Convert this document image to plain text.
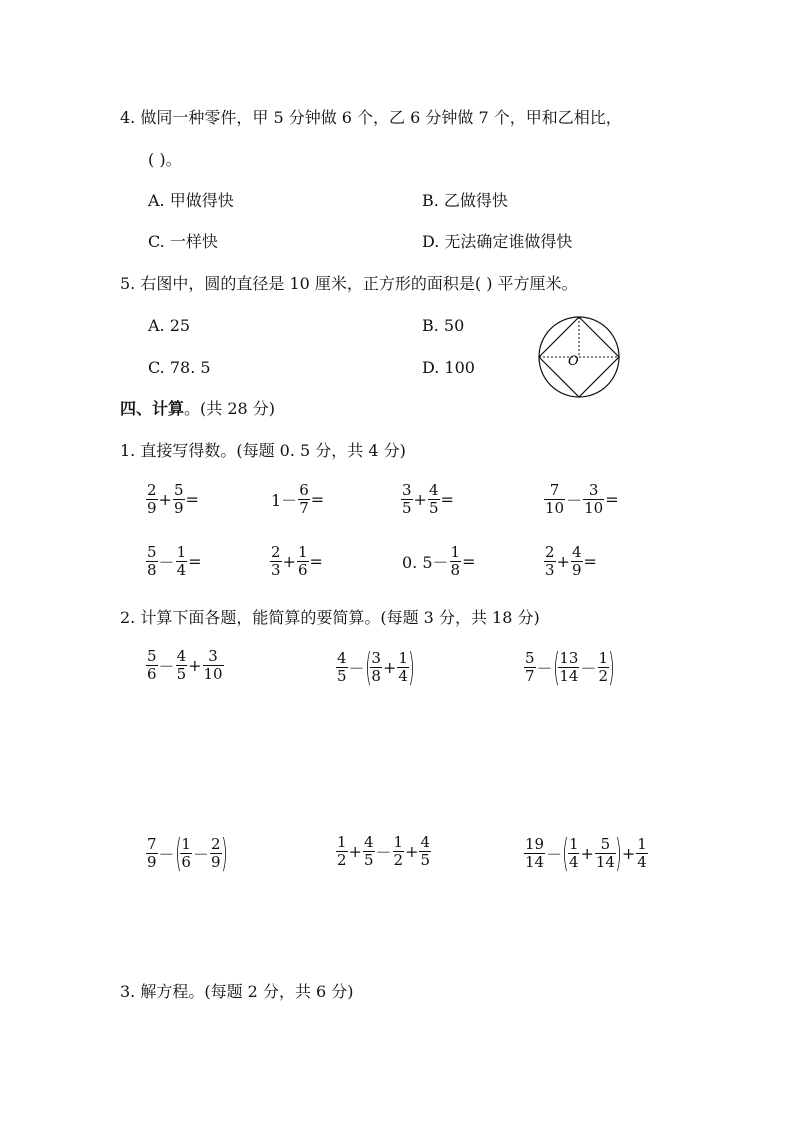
4. 做同一种零件，甲 5 分钟做 6 个，乙 6 分钟做 7 个，甲和乙相比，
( )。
A. 甲做得快	B. 乙做得快
C. 一样快	D. 无法确定谁做得快
5. 右图中，圆的直径是 10 厘米，正方形的面积是( ) 平方厘米。
A. 25	B. 50
C. 78. 5	D. 100	O
四、计算。(共 28 分)
1. 直接写得数。(每题 0. 5 分，共 4 分)
$\frac{2}{9} + \frac{5}{9}$ =	$1- \frac{6}{7}$ =	$\frac{3}{5} + \frac{4}{5}$ =	$\frac{7}{10} - \frac{3}{10}$ =
$\frac{5}{8} - \frac{1}{4}$ =	$\frac{2}{3} + \frac{1}{6}$ =	0. $5- \frac{1}{8}$ =	$\frac{2}{3} + \frac{4}{9}$ =
2. 计算下面各题，能简算的要简算。(每题 3 分，共 18 分)
$\frac{5}{6} - \frac{4}{5} + \frac{3}{10}$	$\frac{4}{5}$ －( $\frac{3}{8} + \frac{1}{4}$ )	$\frac{5}{7}$ －( $\frac{13}{14} - \frac{1}{2}$ )
$\frac{7}{9}$ －( $\frac{1}{6} - \frac{2}{9}$ )	$\frac{1}{2} + \frac{4}{5} - \frac{1}{2} + \frac{4}{5}$	$\frac{19}{14}$ －( $\frac{1}{4} + \frac{5}{14}$ )+ $\frac{1}{4}$
3. 解方程。(每题 2 分，共 6 分)
